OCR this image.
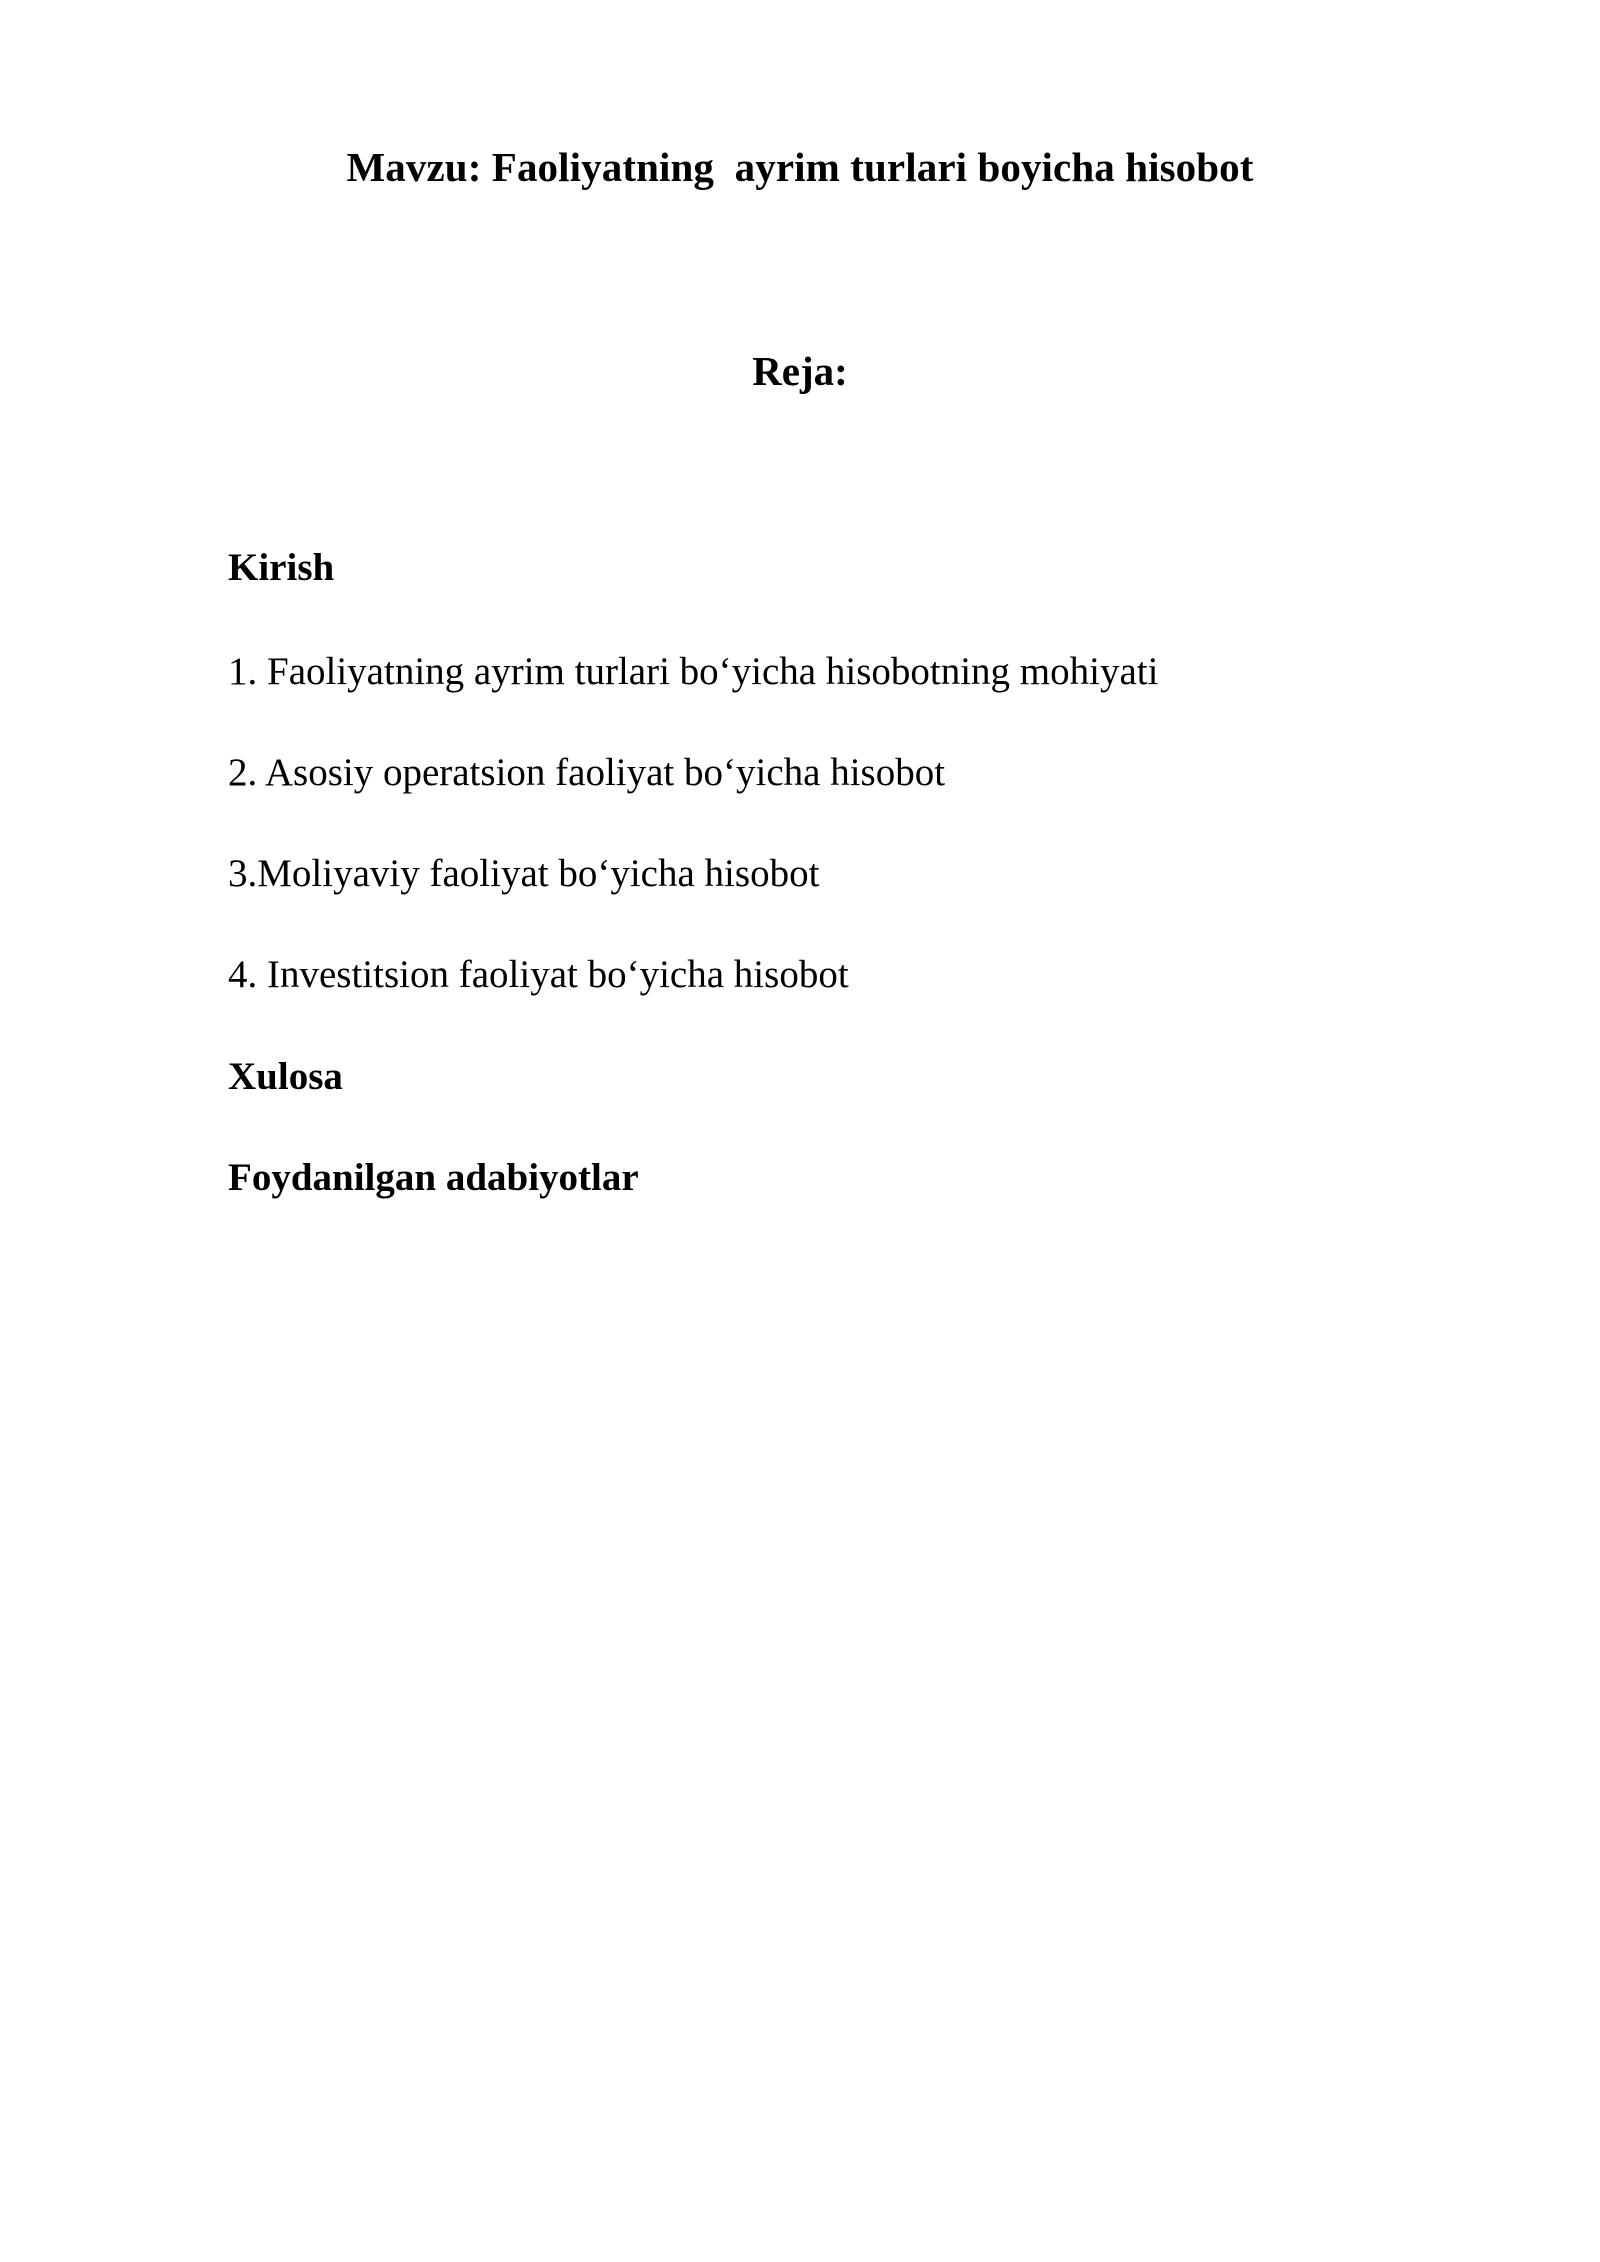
Mavzu: Faoliyatning  ayrim turlari boyicha hisobot
Reja:

Kirish

1. Faoliyatning ayrim turlari bo‘yicha hisobotning mohiyati

2. Asosiy operatsion faoliyat bo‘yicha hisobot

3.Moliyaviy faoliyat bo‘yicha hisobot

4. Investitsion faoliyat bo‘yicha hisobot

Xulosa

Foydanilgan adabiyotlar
